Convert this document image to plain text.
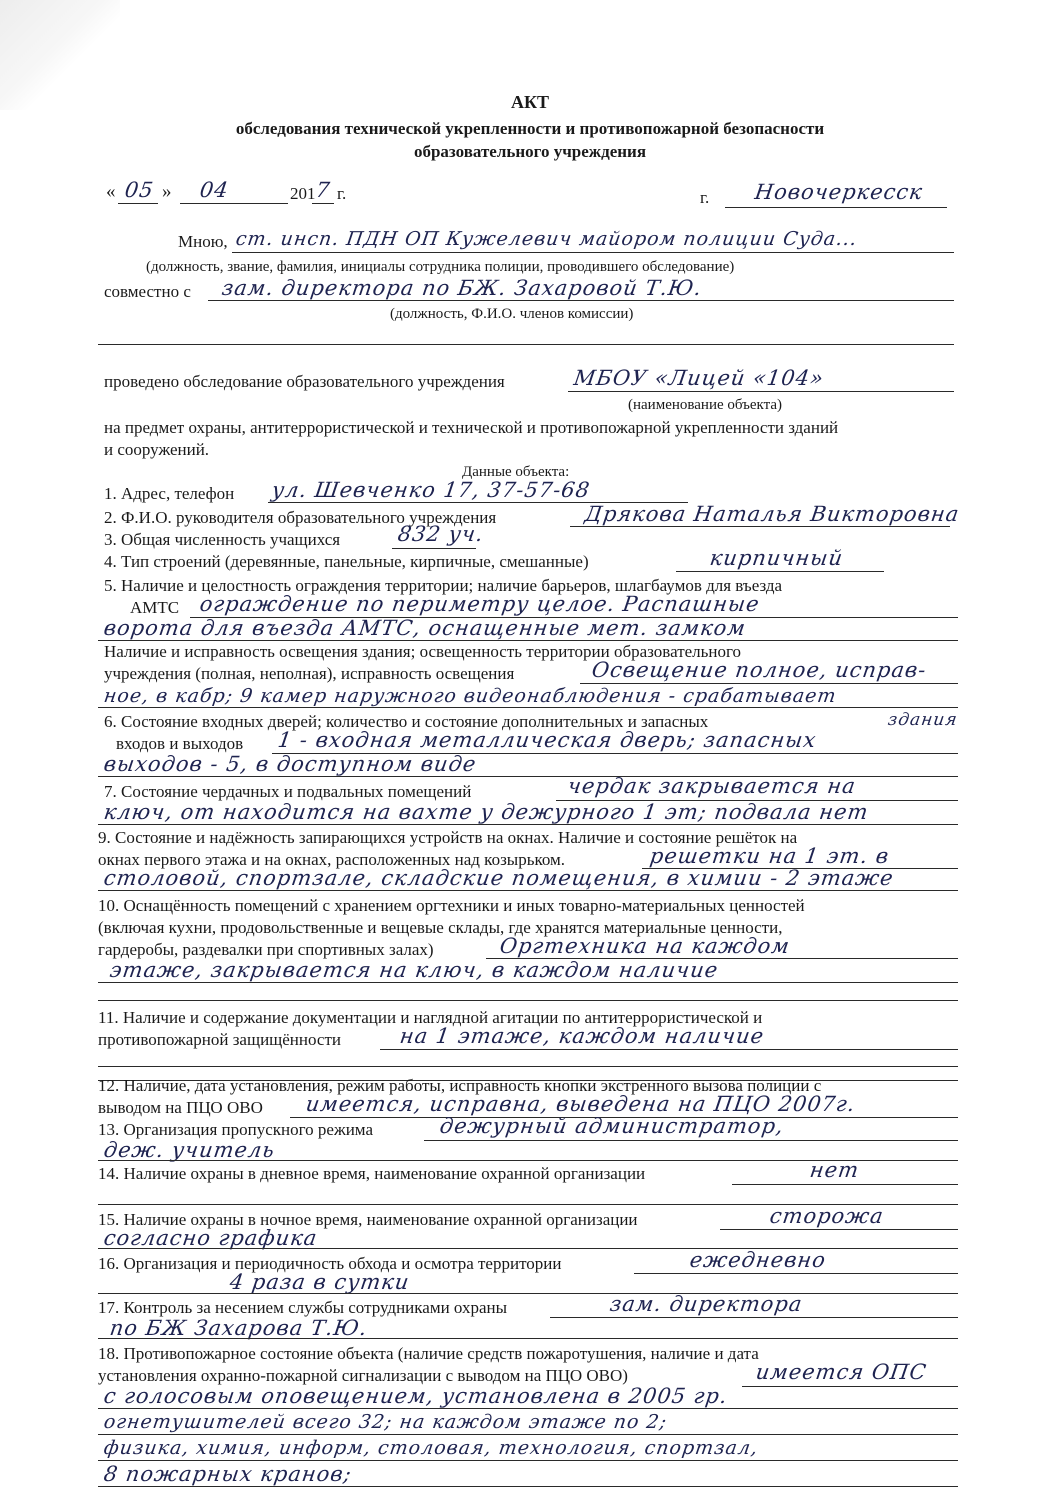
АКТ
обследования технической укрепленности и противопожарной безопасности
образовательного учреждения
« 05 » 04	201
7 г.	г. Новочеркесск
Мною, ст. инсп. ПДН ОП Кужелевич майором полиции Суда...
(должность, звание, фамилия, инициалы сотрудника полиции, проводившего обследование)
совместно с зам. директора по БЖ. Захаровой Т.Ю.
(должность, Ф.И.О. членов комиссии)
проведено обследование образовательного учреждения	МБОУ «Лицей «104»
(наименование объекта)
на предмет охраны, антитеррористической и технической и противопожарной укрепленности зданий
и сооружений.
Данные объекта:
1. Адрес, телефон ул. Шевченко 17, 37-57-68
2. Ф.И.О. руководителя образовательного учреждения	Дрякова Наталья Викторовна
3. Общая численность учащихся	832 уч.
4. Тип строений (деревянные, панельные, кирпичные, смешанные)	кирпичный
5. Наличие и целостность ограждения территории; наличие барьеров, шлагбаумов для въезда
АМТС ограждение по периметру целое. Распашные
ворота для въезда АМТС, оснащенные мет. замком
Наличие и исправность освещения здания; освещенность территории образовательного
учреждения (полная, неполная), исправность освещения	Освещение полное, исправ-
ное, в кабр; 9 камер наружного видеонаблюдения - срабатывает
здания
6. Состояние входных дверей; количество и состояние дополнительных и запасных
входов и выходов 1 - входная металлическая дверь; запасных
выходов - 5, в доступном виде
7. Состояние чердачных и подвальных помещений	чердак закрывается на
ключ, от находится на вахте у дежурного 1 эт; подвала нет
9. Состояние и надёжность запирающихся устройств на окнах. Наличие и состояние решёток на
окнах первого этажа и на окнах, расположенных над козырьком.	решетки на 1 эт. в
столовой, спортзале, складские помещения, в химии - 2 этаже
10. Оснащённость помещений с хранением оргтехники и иных товарно-материальных ценностей
(включая кухни, продовольственные и вещевые склады, где хранятся материальные ценности,
гардеробы, раздевалки при спортивных залах)	Оргтехника на каждом
этаже, закрывается на ключ, в каждом наличие
11. Наличие и содержание документации и наглядной агитации по антитеррористической и
противопожарной защищённости	на 1 этаже, каждом наличие
12. Наличие, дата установления, режим работы, исправность кнопки экстренного вызова полиции с
выводом на ПЦО ОВО имеется, исправна, выведена на ПЦО 2007г.
13. Организация пропускного режима	дежурный администратор,
деж. учитель
14. Наличие охраны в дневное время, наименование охранной организации	нет
15. Наличие охраны в ночное время, наименование охранной организации	сторожа
согласно графика
16. Организация и периодичность обхода и осмотра территории	ежедневно
4 раза в сутки
17. Контроль за несением службы сотрудниками охраны	зам. директора
по БЖ Захарова Т.Ю.
18. Противопожарное состояние объекта (наличие средств пожаротушения, наличие и дата
установления охранно-пожарной сигнализации с выводом на ПЦО ОВО)	имеется ОПС
с голосовым оповещением, установлена в 2005 гр.
огнетушителей всего 32; на каждом этаже по 2;
физика, химия, информ, столовая, технология, спортзал,
8 пожарных кранов;
